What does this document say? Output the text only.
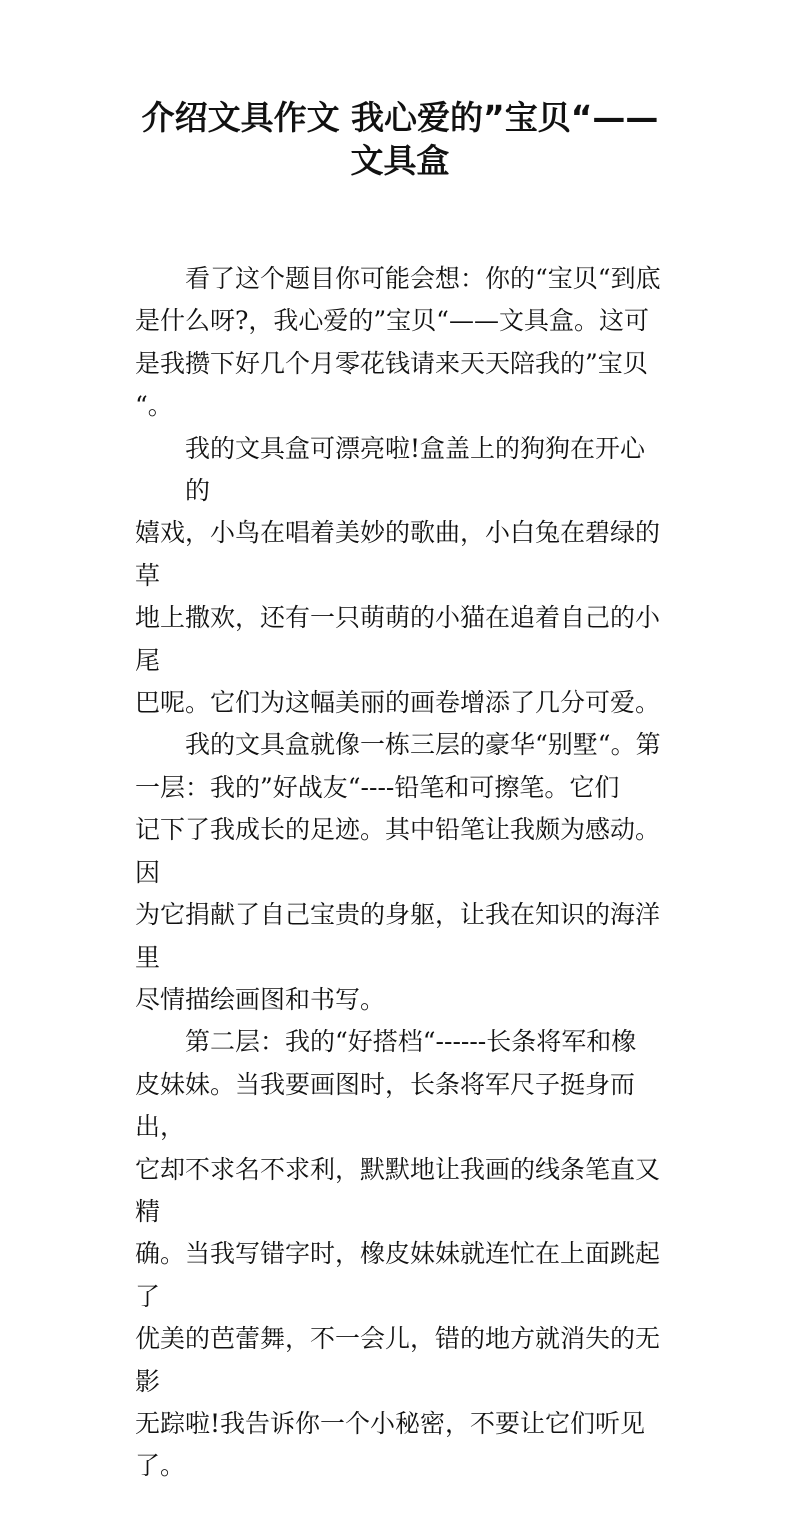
介绍文具作文 我心爱的”宝贝“——
文具盒
看了这个题目你可能会想：你的“宝贝“到底
是什么呀?，我心爱的”宝贝“——文具盒。这可
是我攒下好几个月零花钱请来天天陪我的”宝贝
“。
我的文具盒可漂亮啦!盒盖上的狗狗在开心的
嬉戏，小鸟在唱着美妙的歌曲，小白兔在碧绿的草
地上撒欢，还有一只萌萌的小猫在追着自己的小尾
巴呢。它们为这幅美丽的画卷增添了几分可爱。
我的文具盒就像一栋三层的豪华“别墅“。第
一层：我的”好战友“----铅笔和可擦笔。它们
记下了我成长的足迹。其中铅笔让我颇为感动。因
为它捐献了自己宝贵的身躯，让我在知识的海洋里
尽情描绘画图和书写。
第二层：我的“好搭档“------长条将军和橡
皮妹妹。当我要画图时，长条将军尺子挺身而出，
它却不求名不求利，默默地让我画的线条笔直又精
确。当我写错字时，橡皮妹妹就连忙在上面跳起了
优美的芭蕾舞，不一会儿，错的地方就消失的无影
无踪啦!我告诉你一个小秘密，不要让它们听见了。
